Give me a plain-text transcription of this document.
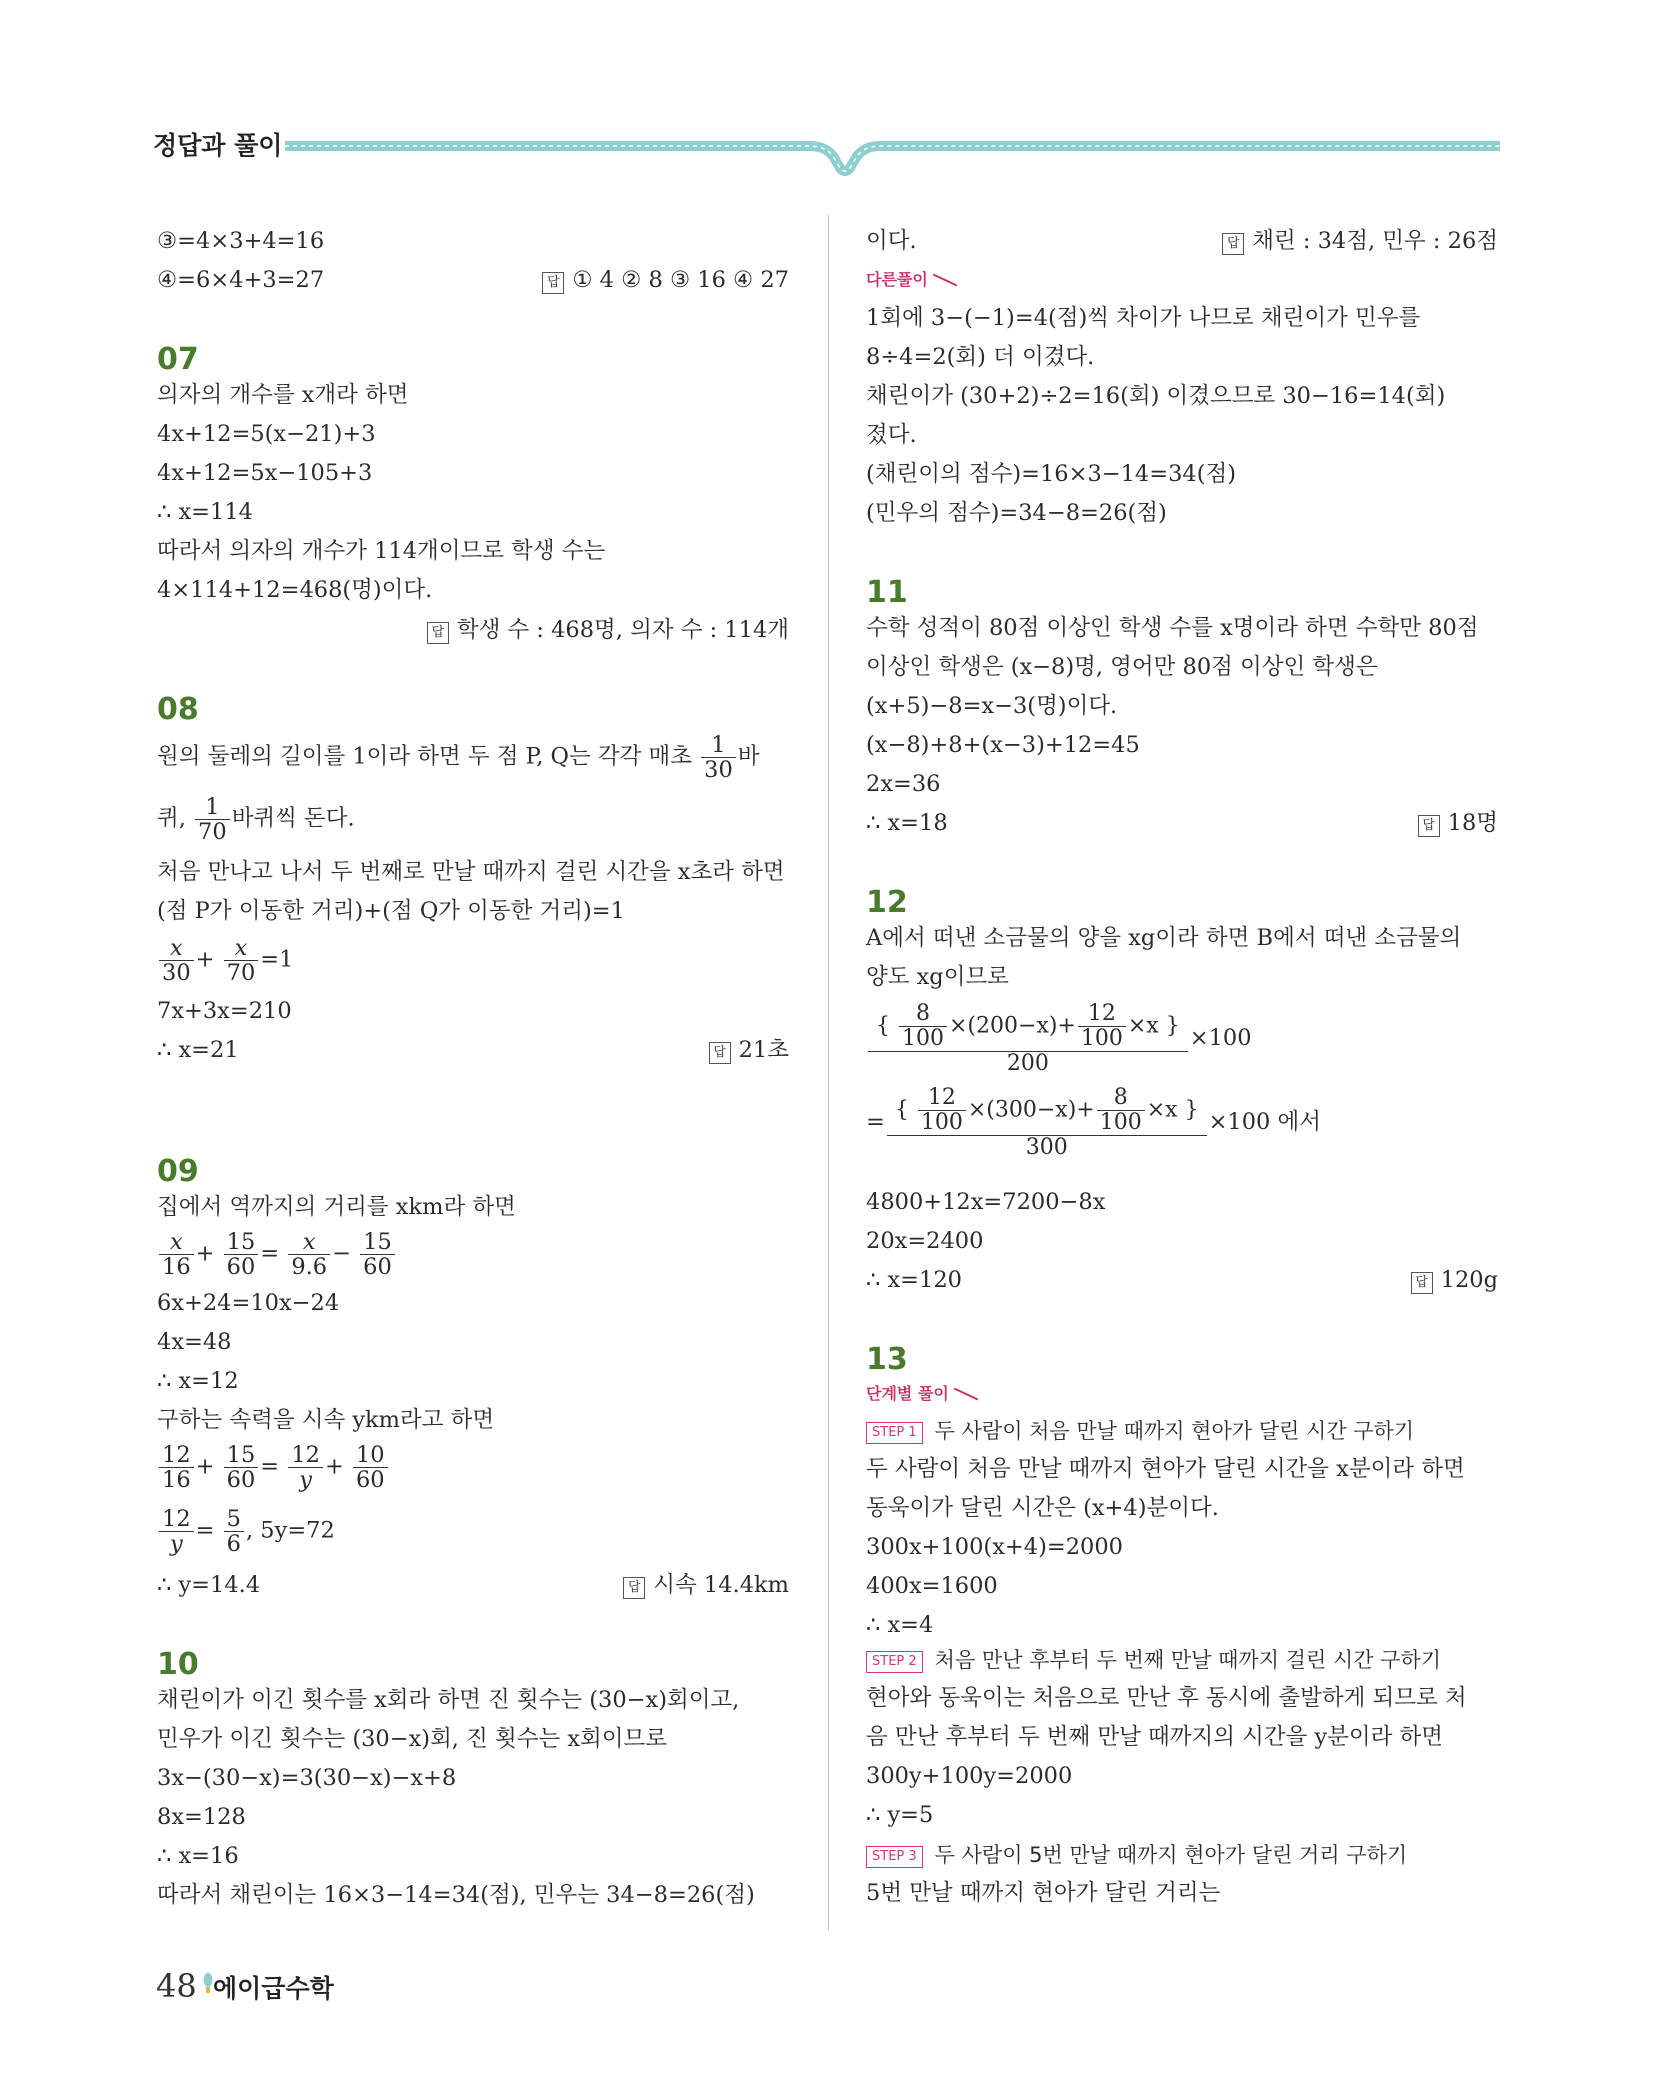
정답과 풀이
③=4×3+4=16
④=6×4+3=27	답 ① 4 ② 8 ③ 16 ④ 27
07
의자의 개수를 x개라 하면
4x+12=5(x−21)+3
4x+12=5x−105+3
∴ x=114
따라서 의자의 개수가 114개이므로 학생 수는
4×114+12=468(명)이다.
답 학생 수 : 468명, 의자 수 : 114개
08
원의 둘레의 길이를 1이라 하면 두 점 P, Q는 각각 매초 $\frac{1}{30}$ 바
퀴, $\frac{1}{70}$ 바퀴씩 돈다.
처음 만나고 나서 두 번째로 만날 때까지 걸린 시간을 x초라 하면
(점 P가 이동한 거리)+(점 Q가 이동한 거리)=1
$\frac{x}{30} + \frac{x}{70} =1$
7x+3x=210
∴ x=21	답 21초
09
집에서 역까지의 거리를 xkm라 하면
$\frac{x}{16} + \frac{15}{60} = \frac{x}{9.6} - \frac{15}{60}$
6x+24=10x−24
4x=48
∴ x=12
구하는 속력을 시속 ykm라고 하면
$\frac{12}{16} + \frac{15}{60} = \frac{12}{y} + \frac{10}{60}$
$\frac{12}{y} = \frac{5}{6}$ , 5y=72
∴ y=14.4	답 시속 14.4km
10
채린이가 이긴 횟수를 x회라 하면 진 횟수는 (30−x)회이고,
민우가 이긴 횟수는 (30−x)회, 진 횟수는 x회이므로
3x−(30−x)=3(30−x)−x+8
8x=128
∴ x=16
따라서 채린이는 16×3−14=34(점), 민우는 34−8=26(점)
이다.	답 채린 : 34점, 민우 : 26점
다른풀이
1회에 3−(−1)=4(점)씩 차이가 나므로 채린이가 민우를
8÷4=2(회) 더 이겼다.
채린이가 (30+2)÷2=16(회) 이겼으므로 30−16=14(회)
졌다.
(채린이의 점수)=16×3−14=34(점)
(민우의 점수)=34−8=26(점)
11
수학 성적이 80점 이상인 학생 수를 x명이라 하면 수학만 80점
이상인 학생은 (x−8)명, 영어만 80점 이상인 학생은
(x+5)−8=x−3(명)이다.
(x−8)+8+(x−3)+12=45
2x=36
∴ x=18	답 18명
12
A에서 떠낸 소금물의 양을 xg이라 하면 B에서 떠낸 소금물의
양도 xg이므로
$\frac{\{ \frac{8}{100} \times(200-x)+ \frac{12}{100} \times x \}}{200} \times 100$
= $\frac{\{ \frac{12}{100} \times(300-x)+ \frac{8}{100} \times x \}}{300} \times 100$ 에서
4800+12x=7200−8x
20x=2400
∴ x=120	답 120g
13
단계별 풀이
STEP 1 두 사람이 처음 만날 때까지 현아가 달린 시간 구하기
두 사람이 처음 만날 때까지 현아가 달린 시간을 x분이라 하면
동욱이가 달린 시간은 (x+4)분이다.
300x+100(x+4)=2000
400x=1600
∴ x=4
STEP 2 처음 만난 후부터 두 번째 만날 때까지 걸린 시간 구하기
현아와 동욱이는 처음으로 만난 후 동시에 출발하게 되므로 처
음 만난 후부터 두 번째 만날 때까지의 시간을 y분이라 하면
300y+100y=2000
∴ y=5
STEP 3 두 사람이 5번 만날 때까지 현아가 달린 거리 구하기
5번 만날 때까지 현아가 달린 거리는
48 에이급수학
